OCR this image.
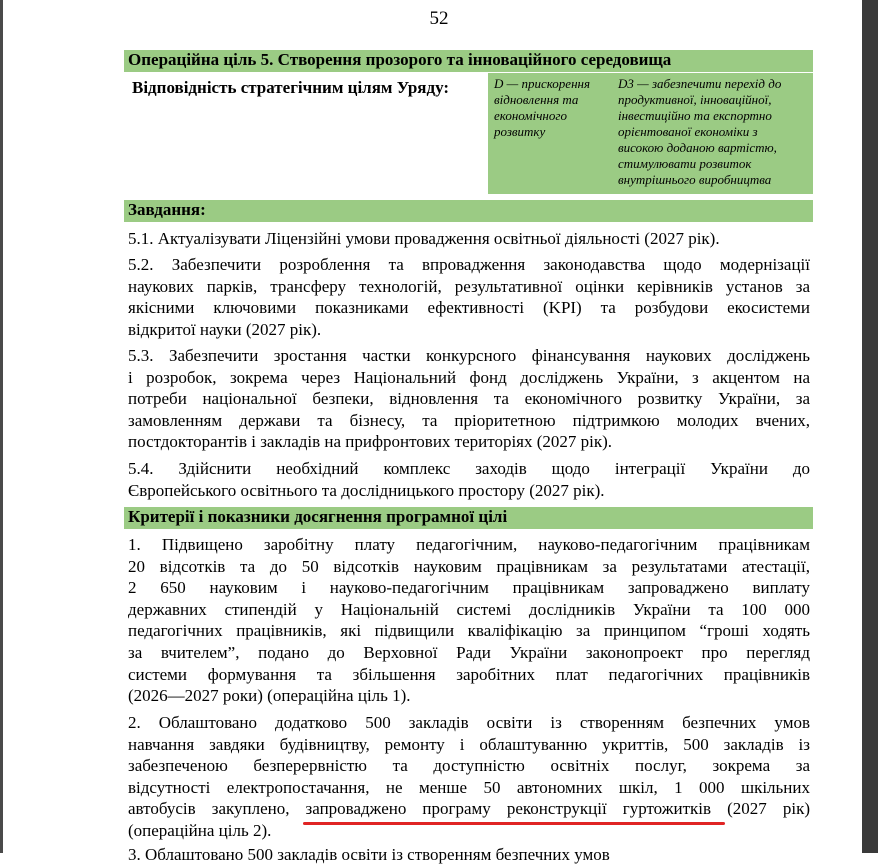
52
Операційна ціль 5. Створення прозорого та інноваційного середовища
Відповідність стратегічним цілям Уряду:	D — прискорення
відновлення та
економічного
розвитку
D3 — забезпечити перехід до
продуктивної, інноваційної,
інвестиційно та експортно
орієнтованої економіки з
високою доданою вартістю,
стимулювати розвиток
внутрішнього виробництва
Завдання:
5.1. Актуалізувати Ліцензійні умови провадження освітньої діяльності (2027 рік).
5.2. Забезпечити розроблення та впровадження законодавства щодо модернізації
наукових парків, трансферу технологій, результативної оцінки керівників установ за
якісними ключовими показниками ефективності (KPI) та розбудови екосистеми
відкритої науки (2027 рік).
5.3. Забезпечити зростання частки конкурсного фінансування наукових досліджень
і розробок, зокрема через Національний фонд досліджень України, з акцентом на
потреби національної безпеки, відновлення та економічного розвитку України, за
замовленням держави та бізнесу, та пріоритетною підтримкою молодих вчених,
постдокторантів і закладів на прифронтових територіях (2027 рік).
5.4. Здійснити необхідний комплекс заходів щодо інтеграції України до
Європейського освітнього та дослідницького простору (2027 рік).
Критерії і показники досягнення програмної цілі
1. Підвищено заробітну плату педагогічним, науково-педагогічним працівникам
20 відсотків та до 50 відсотків науковим працівникам за результатами атестації,
2 650 науковим і науково-педагогічним працівникам запроваджено виплату
державних стипендій у Національній системі дослідників України та 100 000
педагогічних працівників, які підвищили кваліфікацію за принципом “гроші ходять
за вчителем”, подано до Верховної Ради України законопроект про перегляд
системи формування та збільшення заробітних плат педагогічних працівників
(2026—2027 роки) (операційна ціль 1).
2. Облаштовано додатково 500 закладів освіти із створенням безпечних умов
навчання завдяки будівництву, ремонту і облаштуванню укриттів, 500 закладів із
забезпеченою безперервністю та доступністю освітніх послуг, зокрема за
відсутності електропостачання, не менше 50 автономних шкіл, 1 000 шкільних
автобусів закуплено, запроваджено програму реконструкції гуртожитків (2027 рік)
(операційна ціль 2).
3. Облаштовано 500 закладів освіти із створенням безпечних умов
